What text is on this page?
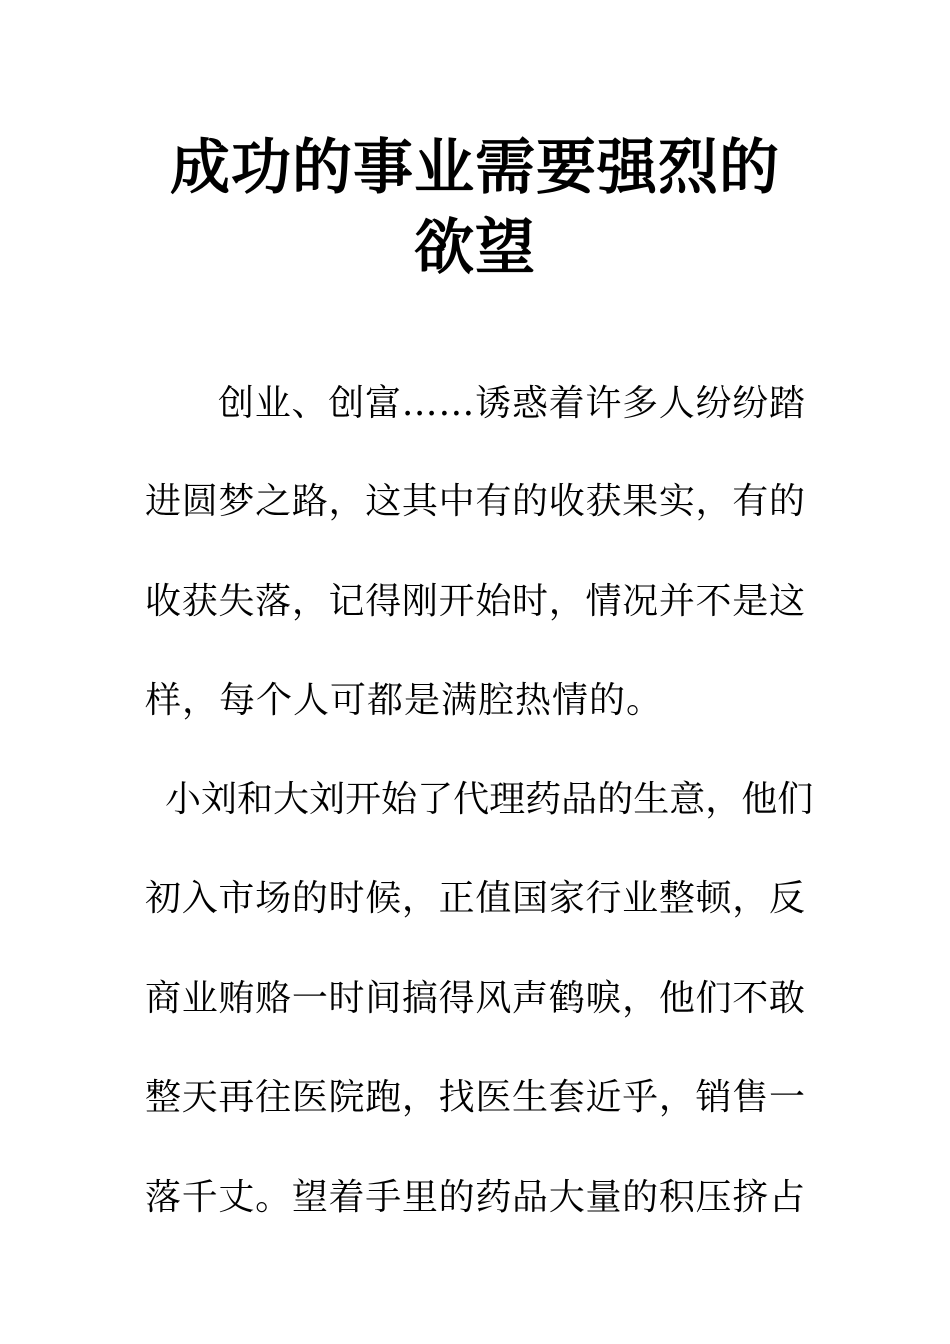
成功的事业需要强烈的欲望
创 业 、 创 富 … … 诱 惑 着 许 多 人 纷 纷 踏
进 圆 梦 之 路 ， 这 其 中 有 的 收 获 果 实 ， 有 的
收 获 失 落 ， 记 得 刚 开 始 时 ， 情 况 并 不 是 这
样，每个人可都是满腔热情的。
小 刘 和 大 刘 开 始 了 代 理 药 品 的 生 意 ， 他 们
初 入 市 场 的 时 候 ， 正 值 国 家 行 业 整 顿 ， 反
商 业 贿 赂 一 时 间 搞 得 风 声 鹤 唳 ， 他 们 不 敢
整 天 再 往 医 院 跑 ， 找 医 生 套 近 乎 ， 销 售 一
落 千 丈 。 望 着 手 里 的 药 品 大 量 的 积 压 挤 占
